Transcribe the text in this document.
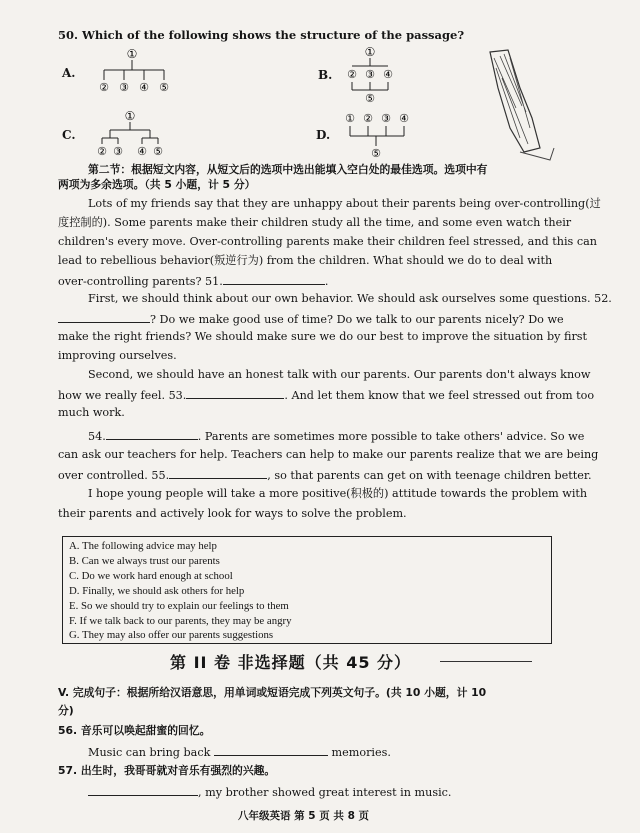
50. Which of the following shows the structure of the passage?
A.
①
② ③ ④ ⑤
B.
①
② ③ ④
⑤
C.
①
② ③ ④ ⑤
D.
① ② ③ ④
⑤
第二节：根据短文内容，从短文后的选项中选出能填入空白处的最佳选项。选项中有
两项为多余选项。（共 5 小题，计 5 分）
Lots of my friends say that they are unhappy about their parents being over-controlling(过
度控制的). Some parents make their children study all the time, and some even watch their
children's every move. Over-controlling parents make their children feel stressed, and this can
lead to rebellious behavior(叛逆行为) from the children. What should we do to deal with
over-controlling parents? 51.	.
First, we should think about our own behavior. We should ask ourselves some questions. 52.
? Do we make good use of time? Do we talk to our parents nicely? Do we
make the right friends? We should make sure we do our best to improve the situation by first
improving ourselves.
Second, we should have an honest talk with our parents. Our parents don't always know
how we really feel. 53.	. And let them know that we feel stressed out from too
much work.
54.	. Parents are sometimes more possible to take others' advice. So we
can ask our teachers for help. Teachers can help to make our parents realize that we are being
over controlled. 55.	, so that parents can get on with teenage children better.
I hope young people will take a more positive(积极的) attitude towards the problem with
their parents and actively look for ways to solve the problem.
A. The following advice may help
B. Can we always trust our parents
C. Do we work hard enough at school
D. Finally, we should ask others for help
E. So we should try to explain our feelings to them
F. If we talk back to our parents, they may be angry
G. They may also offer our parents suggestions
第 II 卷 非选择题（共 45 分）
V. 完成句子：根据所给汉语意思，用单词或短语完成下列英文句子。(共 10 小题，计 10
分)
56. 音乐可以唤起甜蜜的回忆。
Music can bring back	memories.
57. 出生时，我哥哥就对音乐有强烈的兴趣。
, my brother showed great interest in music.
八年级英语 第 5 页 共 8 页
